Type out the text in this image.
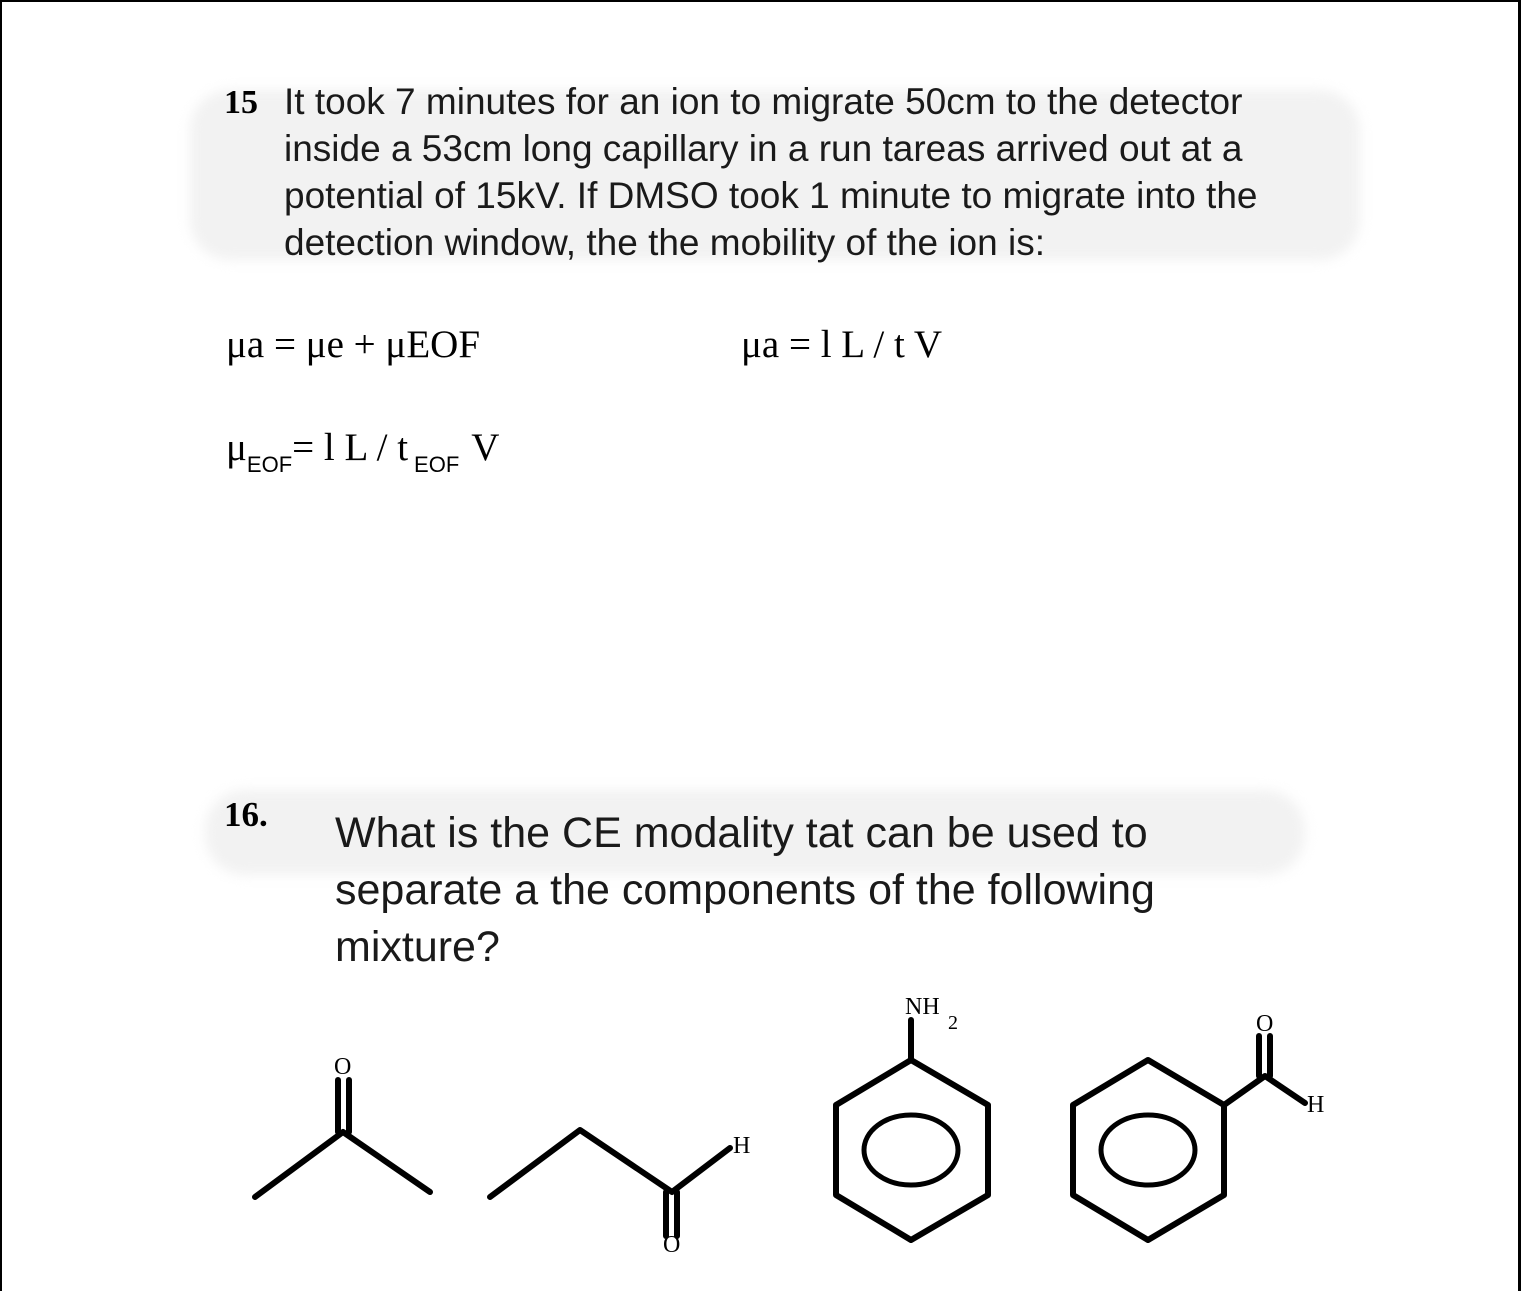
15 It took 7 minutes for an ion to migrate 50cm to the detector
inside a 53cm long capillary in a run tareas arrived out at a
potential of 15kV. If DMSO took 1 minute to migrate into the
detection window, the the mobility of the ion is:
μa = μe + μEOF	μa = l L / t V
$\mu_{EOF}= l$ L / t $_{EOF}$ V
16. What is the CE modality tat can be used to
separate a the components of the following
mixture?
O
O
H
NH
2	O
H
